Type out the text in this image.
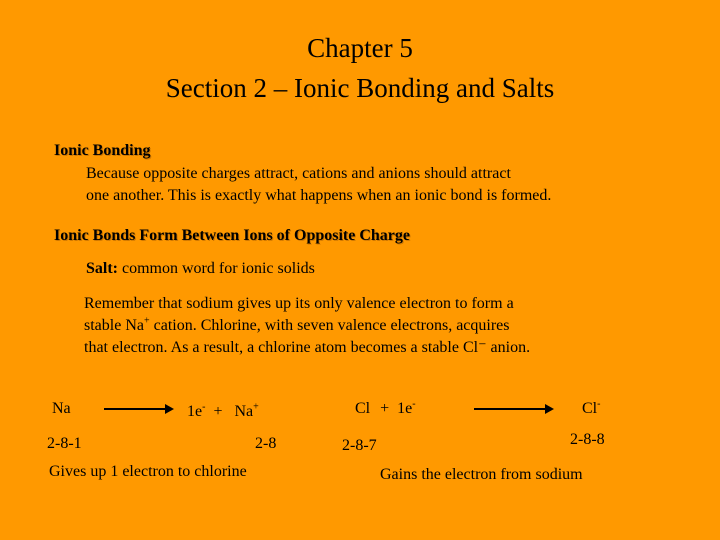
Chapter 5
Section 2 – Ionic Bonding and Salts
Ionic Bonding
Because opposite charges attract, cations and anions should attract
one another. This is exactly what happens when an ionic bond is formed.
Ionic Bonds Form Between Ions of Opposite Charge
Salt: common word for ionic solids
Remember that sodium gives up its only valence electron to form a
stable Na+ cation. Chlorine, with seven valence electrons, acquires
that electron. As a result, a chlorine atom becomes a stable Cl⁻ anion.
Na	1e- + Na+
2-8-1	2-8
Gives up 1 electron to chlorine
Cl + 1e-	Cl-
2-8-7	2-8-8
Gains the electron from sodium
